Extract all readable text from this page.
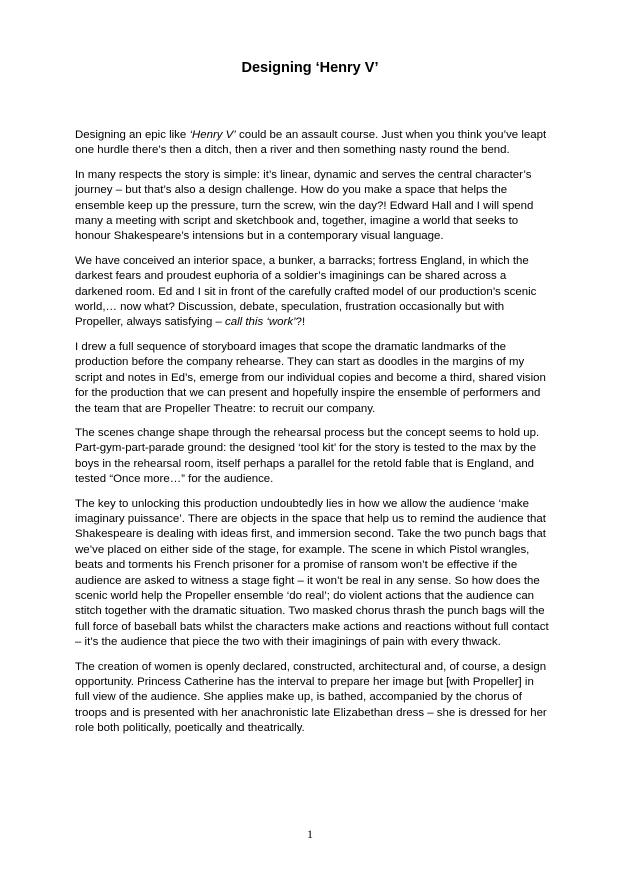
Designing ‘Henry V’

Designing an epic like ‘Henry V’ could be an assault course. Just when you think you’ve leapt one hurdle there’s then a ditch, then a river and then something nasty round the bend.

In many respects the story is simple: it’s linear, dynamic and serves the central character’s journey – but that’s also a design challenge. How do you make a space that helps the ensemble keep up the pressure, turn the screw, win the day?! Edward Hall and I will spend many a meeting with script and sketchbook and, together, imagine a world that seeks to honour Shakespeare’s intensions but in a contemporary visual language.

We have conceived an interior space, a bunker, a barracks; fortress England, in which the darkest fears and proudest euphoria of a soldier’s imaginings can be shared across a darkened room. Ed and I sit in front of the carefully crafted model of our production’s scenic world,… now what? Discussion, debate, speculation, frustration occasionally but with Propeller, always satisfying – call this ‘work’?!

I drew a full sequence of storyboard images that scope the dramatic landmarks of the production before the company rehearse. They can start as doodles in the margins of my script and notes in Ed’s, emerge from our individual copies and become a third, shared vision for the production that we can present and hopefully inspire the ensemble of performers and the team that are Propeller Theatre: to recruit our company.

The scenes change shape through the rehearsal process but the concept seems to hold up. Part-gym-part-parade ground: the designed ‘tool kit’ for the story is tested to the max by the boys in the rehearsal room, itself perhaps a parallel for the retold fable that is England, and tested “Once more…” for the audience.

The key to unlocking this production undoubtedly lies in how we allow the audience ‘make imaginary puissance’. There are objects in the space that help us to remind the audience that Shakespeare is dealing with ideas first, and immersion second. Take the two punch bags that we’ve placed on either side of the stage, for example. The scene in which Pistol wrangles, beats and torments his French prisoner for a promise of ransom won’t be effective if the audience are asked to witness a stage fight – it won’t be real in any sense. So how does the scenic world help the Propeller ensemble ‘do real’; do violent actions that the audience can stitch together with the dramatic situation. Two masked chorus thrash the punch bags will the full force of baseball bats whilst the characters make actions and reactions without full contact – it’s the audience that piece the two with their imaginings of pain with every thwack.

The creation of women is openly declared, constructed, architectural and, of course, a design opportunity. Princess Catherine has the interval to prepare her image but [with Propeller] in full view of the audience. She applies make up, is bathed, accompanied by the chorus of troops and is presented with her anachronistic late Elizabethan dress – she is dressed for her role both politically, poetically and theatrically.

1
